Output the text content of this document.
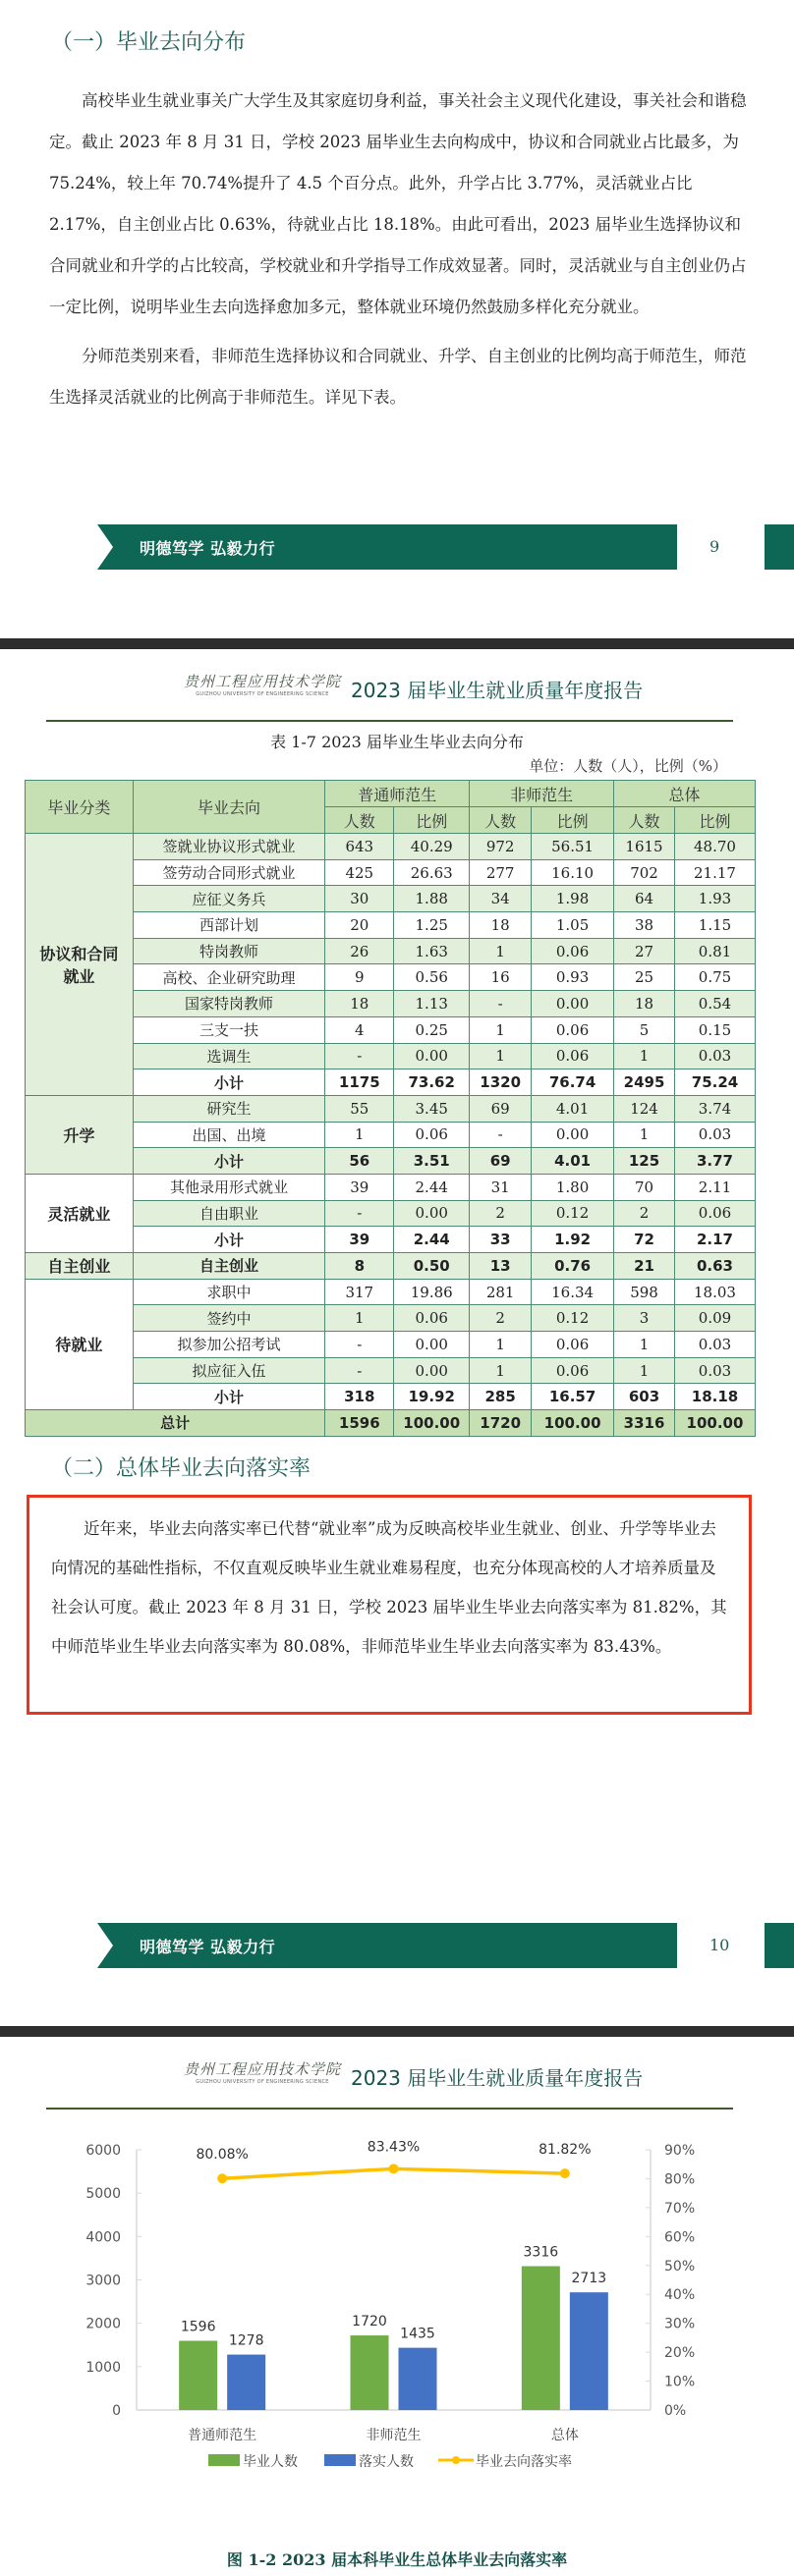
（一）毕业去向分布

高校毕业生就业事关广大学生及其家庭切身利益，事关社会主义现代化建设，事关社会和谐稳定。截止 2023 年 8 月 31 日，学校 2023 届毕业生去向构成中，协议和合同就业占比最多，为 75.24%，较上年 70.74%提升了 4.5 个百分点。此外，升学占比 3.77%，灵活就业占比 2.17%，自主创业占比 0.63%，待就业占比 18.18%。由此可看出，2023 届毕业生选择协议和合同就业和升学的占比较高，学校就业和升学指导工作成效显著。同时，灵活就业与自主创业仍占一定比例，说明毕业生去向选择愈加多元，整体就业环境仍然鼓励多样化充分就业。

分师范类别来看，非师范生选择协议和合同就业、升学、自主创业的比例均高于师范生，师范生选择灵活就业的比例高于非师范生。详见下表。

明德笃学 弘毅力行	9
贵州工程应用技术学院
GUIZHOU UNIVERSITY OF ENGINEERING SCIENCE	2023 届毕业生就业质量年度报告
表 1-7 2023 届毕业生毕业去向分布
单位：人数（人），比例（%）
毕业分类	毕业去向	普通师范生		非师范生		总体	
		人数	比例	人数	比例	人数	比例
协议和合同就业	签就业协议形式就业	643	40.29	972	56.51	1615	48.70
	签劳动合同形式就业	425	26.63	277	16.10	702	21.17
	应征义务兵	30	1.88	34	1.98	64	1.93
	西部计划	20	1.25	18	1.05	38	1.15
	特岗教师	26	1.63	1	0.06	27	0.81
	高校、企业研究助理	9	0.56	16	0.93	25	0.75
	国家特岗教师	18	1.13	-	0.00	18	0.54
	三支一扶	4	0.25	1	0.06	5	0.15
	选调生	-	0.00	1	0.06	1	0.03
	小计	1175	73.62	1320	76.74	2495	75.24
升学	研究生	55	3.45	69	4.01	124	3.74
	出国、出境	1	0.06	-	0.00	1	0.03
	小计	56	3.51	69	4.01	125	3.77
灵活就业	其他录用形式就业	39	2.44	31	1.80	70	2.11
	自由职业	-	0.00	2	0.12	2	0.06
	小计	39	2.44	33	1.92	72	2.17
自主创业	自主创业	8	0.50	13	0.76	21	0.63
待就业	求职中	317	19.86	281	16.34	598	18.03
	签约中	1	0.06	2	0.12	3	0.09
	拟参加公招考试	-	0.00	1	0.06	1	0.03
	拟应征入伍	-	0.00	1	0.06	1	0.03
	小计	318	19.92	285	16.57	603	18.18
总计		1596	100.00	1720	100.00	3316	100.00
（二）总体毕业去向落实率

近年来，毕业去向落实率已代替“就业率”成为反映高校毕业生就业、创业、升学等毕业去向情况的基础性指标，不仅直观反映毕业生就业难易程度，也充分体现高校的人才培养质量及社会认可度。截止 2023 年 8 月 31 日，学校 2023 届毕业生毕业去向落实率为 81.82%，其中师范毕业生毕业去向落实率为 80.08%，非师范毕业生毕业去向落实率为 83.43%。

明德笃学 弘毅力行	10
贵州工程应用技术学院
GUIZHOU UNIVERSITY OF ENGINEERING SCIENCE	2023 届毕业生就业质量年度报告
0
1000
2000
3000
4000
5000
6000
0%
10%
20%
30%
40%
50%
60%
70%
80%
90%
1596
1278
1720
1435
3316
2713
80.08%	83.43%	81.82%
普通师范生	非师范生	总体
毕业人数	落实人数	毕业去向落实率
图 1-2 2023 届本科毕业生总体毕业去向落实率
